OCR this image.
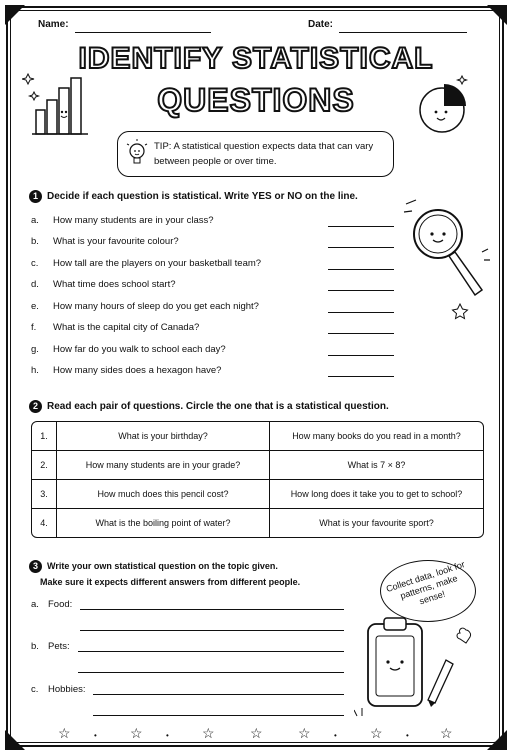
Name:	Date:
IDENTIFY STATISTICAL
QUESTIONS
TIP: A statistical question expects data that can vary between people or over time.
1 Decide if each question is statistical. Write YES or NO on the line.
a. How many students are in your class?
b. What is your favourite colour?
c. How tall are the players on your basketball team?
d. What time does school start?
e. How many hours of sleep do you get each night?
f. What is the capital city of Canada?
g. How far do you walk to school each day?
h. How many sides does a hexagon have?
2 Read each pair of questions. Circle the one that is a statistical question.
1.	What is your birthday?	How many books do you read in a month?
2.	How many students are in your grade?	What is 7 × 8?
3.	How much does this pencil cost?	How long does it take you to get to school?
4.	What is the boiling point of water?	What is your favourite sport?
3	Write your own statistical question on the topic given.
Make sure it expects different answers from different people.
a. Food:
b. Pets:
c. Hobbies:
Collect data, look for patterns, make sense!
☆	☆	☆	☆	☆	☆	☆
•	•	•	•
